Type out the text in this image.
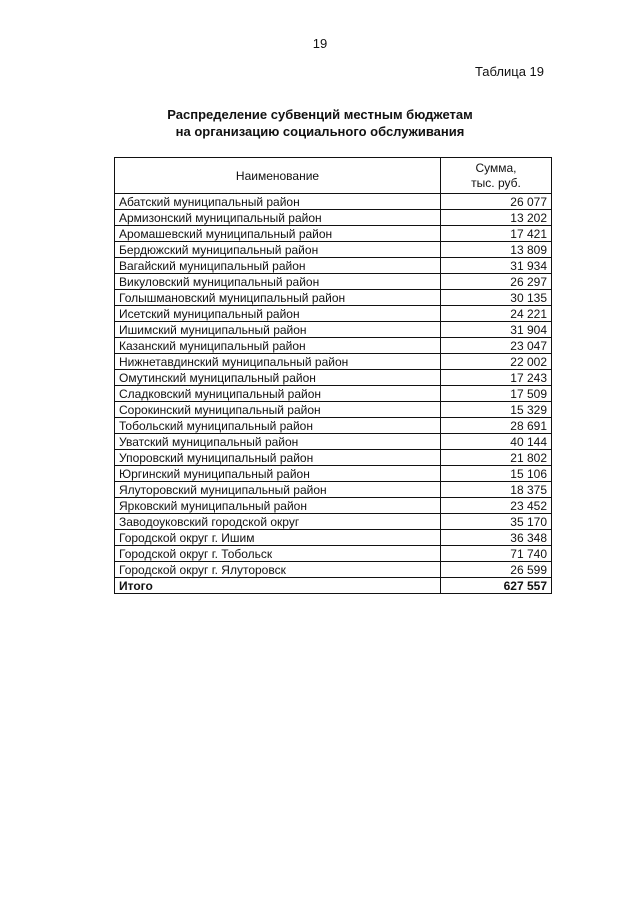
19
Таблица 19
Распределение субвенций местным бюджетам
на организацию социального обслуживания
Наименование	Сумма,
тыс. руб.

Абатский муниципальный район	26 077
Армизонский муниципальный район	13 202
Аромашевский муниципальный район	17 421
Бердюжский муниципальный район	13 809
Вагайский муниципальный район	31 934
Викуловский муниципальный район	26 297
Голышмановский муниципальный район	30 135
Исетский муниципальный район	24 221
Ишимский муниципальный район	31 904
Казанский муниципальный район	23 047
Нижнетавдинский муниципальный район	22 002
Омутинский муниципальный район	17 243
Сладковский муниципальный район	17 509
Сорокинский муниципальный район	15 329
Тобольский муниципальный район	28 691
Уватский муниципальный район	40 144
Упоровский муниципальный район	21 802
Юргинский муниципальный район	15 106
Ялуторовский муниципальный район	18 375
Ярковский муниципальный район	23 452
Заводоуковский городской округ	35 170
Городской округ г. Ишим	36 348
Городской округ г. Тобольск	71 740
Городской округ г. Ялуторовск	26 599
Итого	627 557
